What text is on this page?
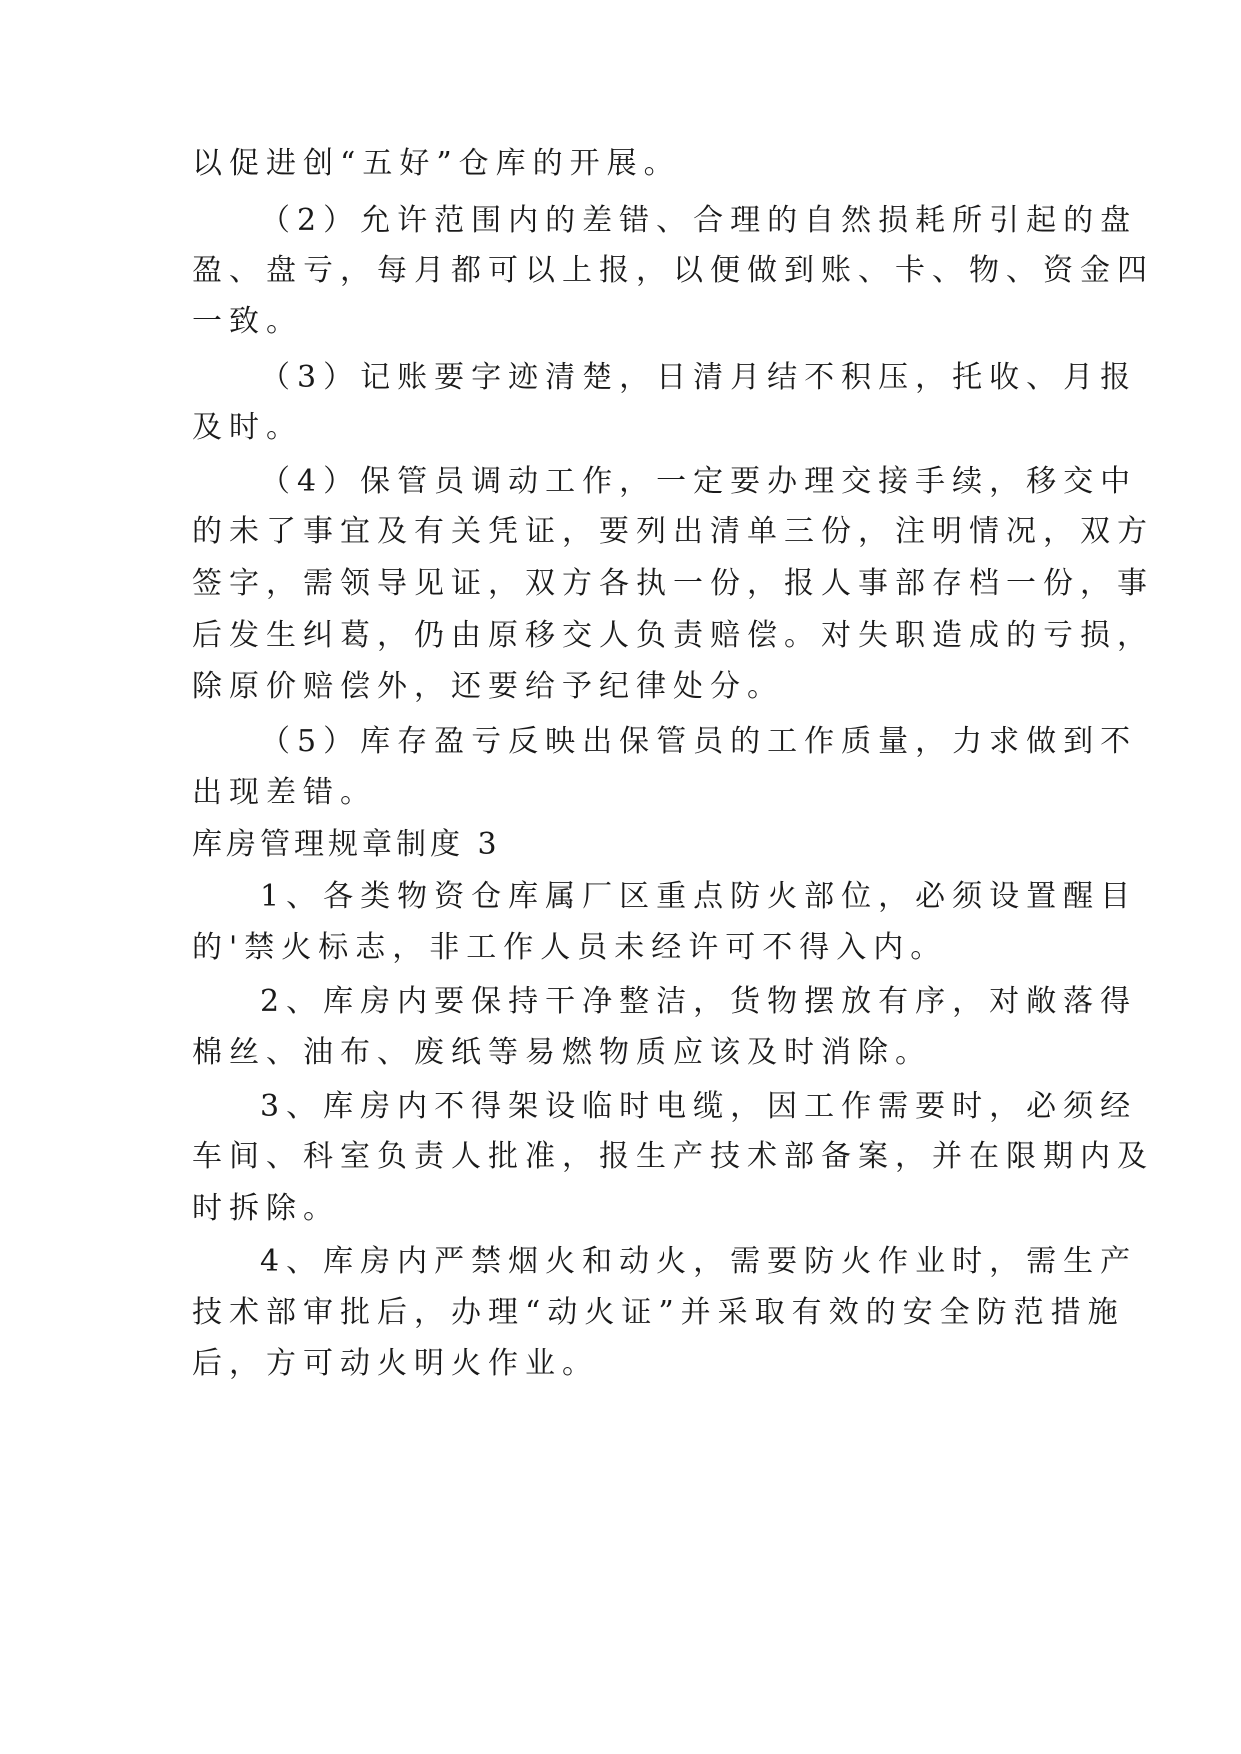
以促进创“五好”仓库的开展。

（2）允许范围内的差错、合理的自然损耗所引起的盘

盈、盘亏，每月都可以上报，以便做到账、卡、物、资金四

一致。

（3）记账要字迹清楚，日清月结不积压，托收、月报

及时。

（4）保管员调动工作，一定要办理交接手续，移交中

的未了事宜及有关凭证，要列出清单三份，注明情况，双方

签字，需领导见证，双方各执一份，报人事部存档一份，事

后发生纠葛，仍由原移交人负责赔偿。对失职造成的亏损，

除原价赔偿外，还要给予纪律处分。

（5）库存盈亏反映出保管员的工作质量，力求做到不

出现差错。

库房管理规章制度 3

1、各类物资仓库属厂区重点防火部位，必须设置醒目

的'禁火标志，非工作人员未经许可不得入内。

2、库房内要保持干净整洁，货物摆放有序，对敞落得

棉丝、油布、废纸等易燃物质应该及时消除。

3、库房内不得架设临时电缆，因工作需要时，必须经

车间、科室负责人批准，报生产技术部备案，并在限期内及

时拆除。

4、库房内严禁烟火和动火，需要防火作业时，需生产

技术部审批后，办理“动火证”并采取有效的安全防范措施

后，方可动火明火作业。
